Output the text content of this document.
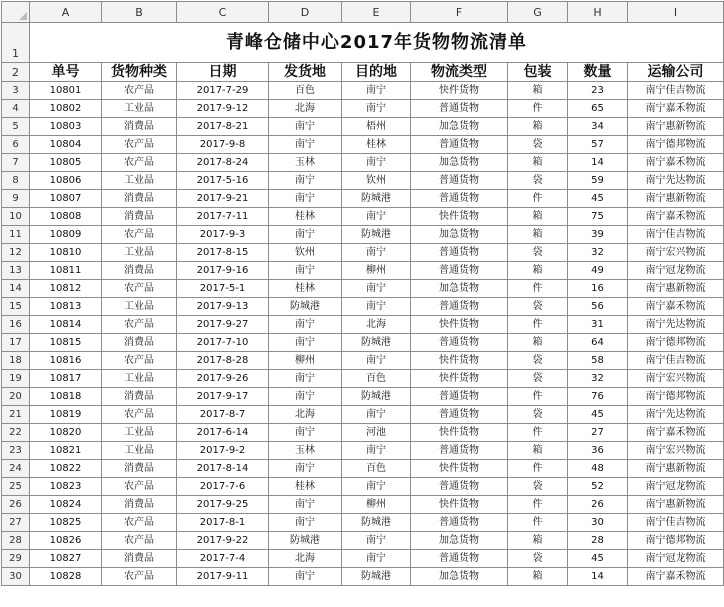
	A	B	C	D	E	F	G	H	I
1	青峰仓储中心2017年货物物流清单								
2	单号	货物种类	日期	发货地	目的地	物流类型	包装	数量	运输公司
3	10801	农产品	2017-7-29	百色	南宁	快件货物	箱	23	南宁佳吉物流
4	10802	工业品	2017-9-12	北海	南宁	普通货物	件	65	南宁嘉禾物流
5	10803	消费品	2017-8-21	南宁	梧州	加急货物	箱	34	南宁惠新物流
6	10804	农产品	2017-9-8	南宁	桂林	普通货物	袋	57	南宁德邦物流
7	10805	农产品	2017-8-24	玉林	南宁	加急货物	箱	14	南宁嘉禾物流
8	10806	工业品	2017-5-16	南宁	钦州	普通货物	袋	59	南宁先达物流
9	10807	消费品	2017-9-21	南宁	防城港	普通货物	件	45	南宁惠新物流
10	10808	消费品	2017-7-11	桂林	南宁	快件货物	箱	75	南宁嘉禾物流
11	10809	农产品	2017-9-3	南宁	防城港	加急货物	箱	39	南宁佳吉物流
12	10810	工业品	2017-8-15	钦州	南宁	普通货物	袋	32	南宁宏兴物流
13	10811	消费品	2017-9-16	南宁	柳州	普通货物	箱	49	南宁冠龙物流
14	10812	农产品	2017-5-1	桂林	南宁	加急货物	件	16	南宁惠新物流
15	10813	工业品	2017-9-13	防城港	南宁	普通货物	袋	56	南宁嘉禾物流
16	10814	农产品	2017-9-27	南宁	北海	快件货物	件	31	南宁先达物流
17	10815	消费品	2017-7-10	南宁	防城港	普通货物	箱	64	南宁德邦物流
18	10816	农产品	2017-8-28	柳州	南宁	快件货物	袋	58	南宁佳吉物流
19	10817	工业品	2017-9-26	南宁	百色	快件货物	袋	32	南宁宏兴物流
20	10818	消费品	2017-9-17	南宁	防城港	普通货物	件	76	南宁德邦物流
21	10819	农产品	2017-8-7	北海	南宁	普通货物	袋	45	南宁先达物流
22	10820	工业品	2017-6-14	南宁	河池	快件货物	件	27	南宁嘉禾物流
23	10821	工业品	2017-9-2	玉林	南宁	普通货物	箱	36	南宁宏兴物流
24	10822	消费品	2017-8-14	南宁	百色	快件货物	件	48	南宁惠新物流
25	10823	农产品	2017-7-6	桂林	南宁	普通货物	袋	52	南宁冠龙物流
26	10824	消费品	2017-9-25	南宁	柳州	快件货物	件	26	南宁惠新物流
27	10825	农产品	2017-8-1	南宁	防城港	普通货物	件	30	南宁佳吉物流
28	10826	农产品	2017-9-22	防城港	南宁	加急货物	箱	28	南宁德邦物流
29	10827	消费品	2017-7-4	北海	南宁	普通货物	袋	45	南宁冠龙物流
30	10828	农产品	2017-9-11	南宁	防城港	加急货物	箱	14	南宁嘉禾物流
